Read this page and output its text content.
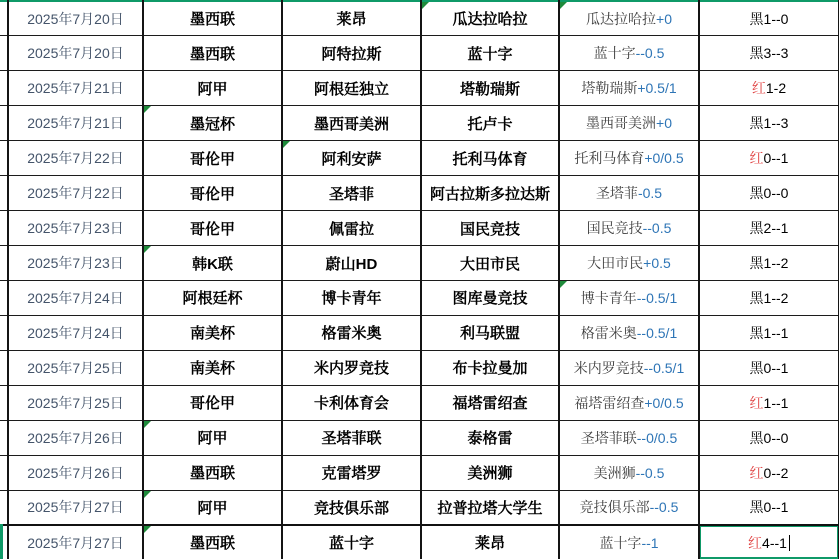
	2025年7月20日	墨西联	莱昂	瓜达拉哈拉	瓜达拉哈拉+0	黑1--0
	2025年7月20日	墨西联	阿特拉斯	蓝十字	蓝十字--0.5	黑3--3
	2025年7月21日	阿甲	阿根廷独立	塔勒瑞斯	塔勒瑞斯+0.5/1	红1-2
	2025年7月21日	墨冠杯	墨西哥美洲	托卢卡	墨西哥美洲+0	黑1--3
	2025年7月22日	哥伦甲	阿利安萨	托利马体育	托利马体育+0/0.5	红0--1
	2025年7月22日	哥伦甲	圣塔菲	阿古拉斯多拉达斯	圣塔菲-0.5	黑0--0
	2025年7月23日	哥伦甲	佩雷拉	国民竞技	国民竞技--0.5	黑2--1
	2025年7月23日	韩K联	蔚山HD	大田市民	大田市民+0.5	黑1--2
	2025年7月24日	阿根廷杯	博卡青年	图库曼竞技	博卡青年--0.5/1	黑1--2
	2025年7月24日	南美杯	格雷米奥	利马联盟	格雷米奥--0.5/1	黑1--1
	2025年7月25日	南美杯	米内罗竞技	布卡拉曼加	米内罗竞技--0.5/1	黑0--1
	2025年7月25日	哥伦甲	卡利体育会	福塔雷绍查	福塔雷绍查+0/0.5	红1--1
	2025年7月26日	阿甲	圣塔菲联	泰格雷	圣塔菲联--0/0.5	黑0--0
	2025年7月26日	墨西联	克雷塔罗	美洲狮	美洲狮--0.5	红0--2
	2025年7月27日	阿甲	竞技俱乐部	拉普拉塔大学生	竞技俱乐部--0.5	黑0--1
	2025年7月27日	墨西联	蓝十字	莱昂	蓝十字--1	红4--1
